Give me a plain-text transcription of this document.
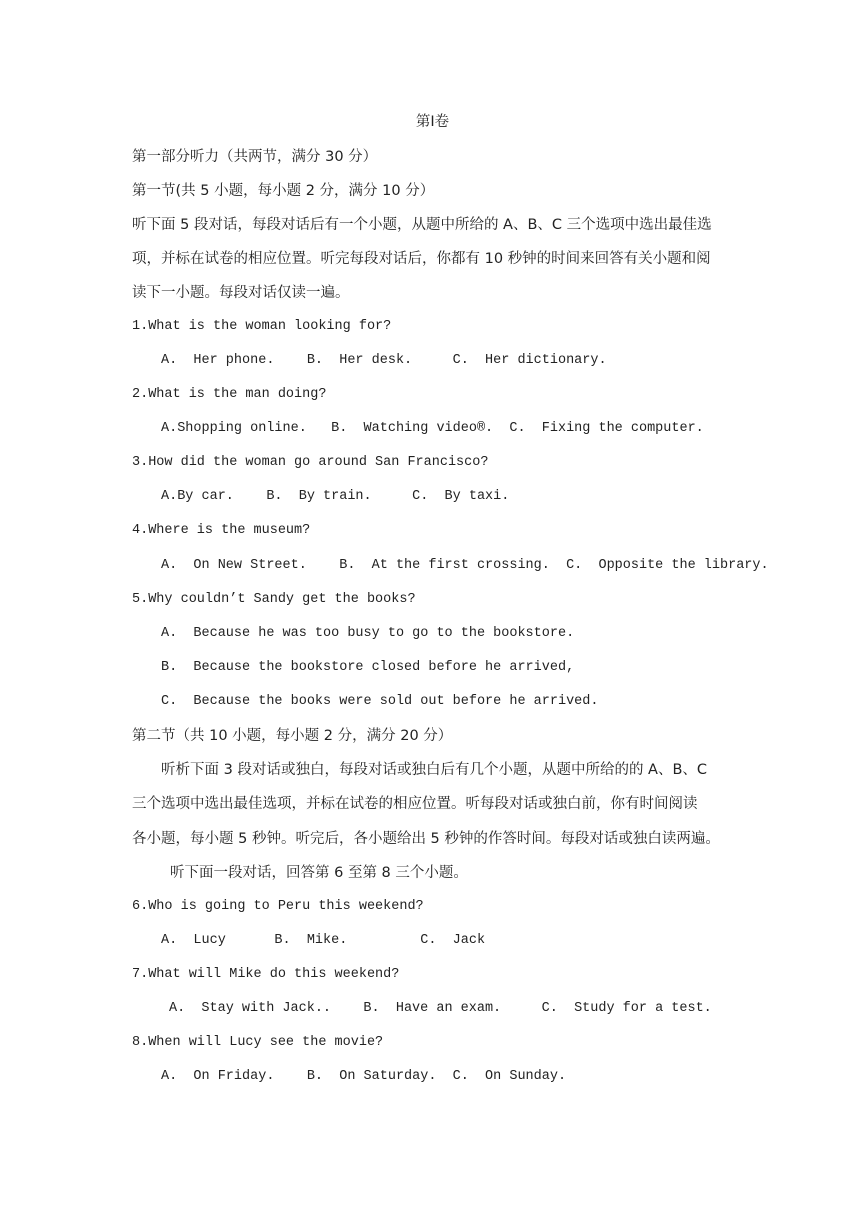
第Ⅰ卷
第一部分听力（共两节，满分 30 分）
第一节(共 5 小题，每小题 2 分，满分 10 分）
听下面 5 段对话，每段对话后有一个小题，从题中所给的 A、B、C 三个选项中选出最佳选
项，并标在试卷的相应位置。听完每段对话后，你都有 10 秒钟的时间来回答有关小题和阅
读下一小题。每段对话仅读一遍。
1.What is the woman looking for?
A.  Her phone.    B.  Her desk.     C.  Her dictionary.
2.What is the man doing?
A.Shopping online.   B.  Watching video®.  C.  Fixing the computer.
3.How did the woman go around San Francisco?
A.By car.    B.  By train.     C.  By taxi.
4.Where is the museum?
A.  On New Street.    B.  At the first crossing.  C.  Opposite the library.
5.Why couldn’t Sandy get the books?
A.  Because he was too busy to go to the bookstore.
B.  Because the bookstore closed before he arrived,
C.  Because the books were sold out before he arrived.
第二节（共 10 小题，每小题 2 分，满分 20 分）
听析下面 3 段对话或独白，每段对话或独白后有几个小题，从题中所给的的 A、B、C
三个选项中选出最佳选项，并标在试卷的相应位置。听每段对话或独白前，你有时间阅读
各小题，每小题 5 秒钟。听完后，各小题给出 5 秒钟的作答时间。每段对话或独白读两遍。
听下面一段对话，回答第 6 至第 8 三个小题。
6.Who is going to Peru this weekend?
A.  Lucy      B.  Mike.         C.  Jack
7.What will Mike do this weekend?
A.  Stay with Jack..    B.  Have an exam.     C.  Study for a test.
8.When will Lucy see the movie?
A.  On Friday.    B.  On Saturday.  C.  On Sunday.
